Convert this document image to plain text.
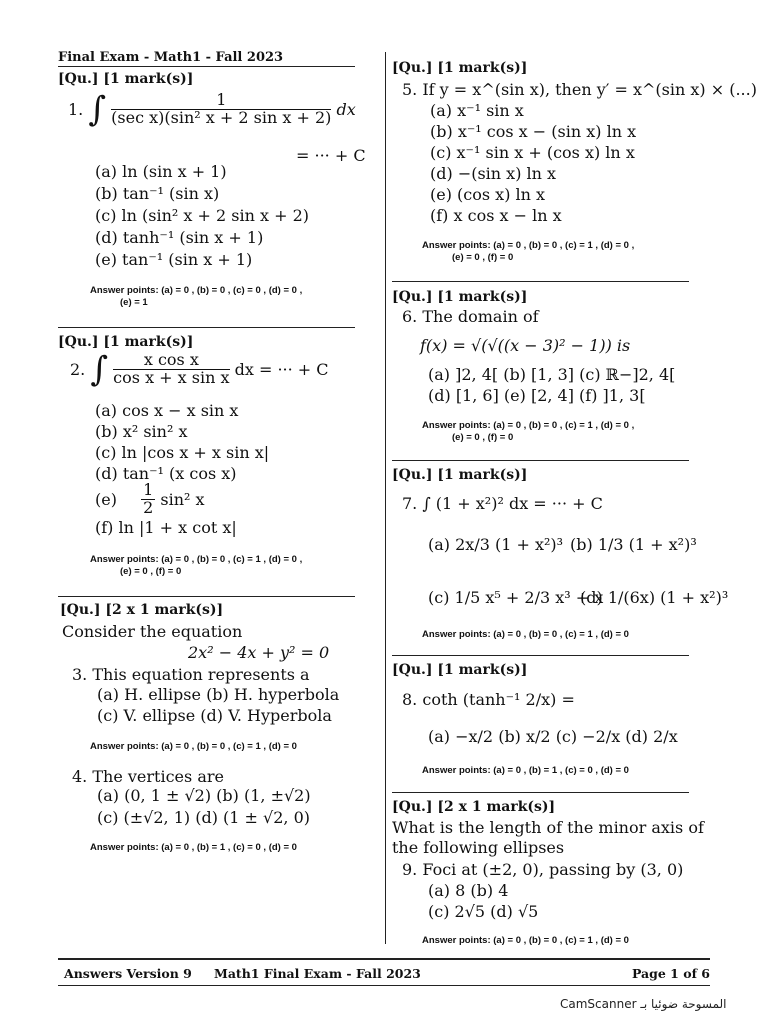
Final Exam - Math1 - Fall 2023
[Qu.] [1 mark(s)]
1. ∫ $\frac{1}{\text{(sec x)(sin² x + 2 sin x + 2)}}$ dx
= ··· + C
(a) ln (sin x + 1)
(b) tan⁻¹ (sin x)
(c) ln (sin² x + 2 sin x + 2)
(d) tanh⁻¹ (sin x + 1)
(e) tan⁻¹ (sin x + 1)
Answer points: (a) = 0 , (b) = 0 , (c) = 0 , (d) = 0 ,
(e) = 1
[Qu.] [1 mark(s)]
2. ∫ $\frac{\text{x cos x}}{\text{cos x + x sin x}}$ dx = ··· + C
(a) cos x − x sin x
(b) x² sin² x
(c) ln |cos x + x sin x|
(d) tan⁻¹ (x cos x)
$(e) \frac{1}{2} \sin^2$ x
(f) ln |1 + x cot x|
Answer points: (a) = 0 , (b) = 0 , (c) = 1 , (d) = 0 ,
(e) = 0 , (f) = 0
[Qu.] [2 x 1 mark(s)]
Consider the equation
2x² − 4x + y² = 0
3. This equation represents a
(a) H. ellipse (b) H. hyperbola
(c) V. ellipse (d) V. Hyperbola
Answer points: (a) = 0 , (b) = 0 , (c) = 1 , (d) = 0
4. The vertices are
(a) (0, 1 ± √2) (b) (1, ±√2)
(c) (±√2, 1) (d) (1 ± √2, 0)
Answer points: (a) = 0 , (b) = 1 , (c) = 0 , (d) = 0
[Qu.] [1 mark(s)]
5. If y = x^(sin x), then y′ = x^(sin x) × (...)
(a) x⁻¹ sin x
(b) x⁻¹ cos x − (sin x) ln x
(c) x⁻¹ sin x + (cos x) ln x
(d) −(sin x) ln x
(e) (cos x) ln x
(f) x cos x − ln x
Answer points: (a) = 0 , (b) = 0 , (c) = 1 , (d) = 0 ,
(e) = 0 , (f) = 0
[Qu.] [1 mark(s)]
6. The domain of
f(x) = √(√((x − 3)² − 1)) is
(a) ]2, 4[ (b) [1, 3] (c) ℝ−]2, 4[
(d) [1, 6] (e) [2, 4] (f) ]1, 3[
Answer points: (a) = 0 , (b) = 0 , (c) = 1 , (d) = 0 ,
(e) = 0 , (f) = 0
[Qu.] [1 mark(s)]
7. ∫ (1 + x²)² dx = ··· + C
(a) 2x/3 (1 + x²)³ (b) 1/3 (1 + x²)³
(c) 1/5 x⁵ + 2/3 x³ + x
(d) 1/(6x) (1 + x²)³
Answer points: (a) = 0 , (b) = 0 , (c) = 1 , (d) = 0
[Qu.] [1 mark(s)]
8. coth (tanh⁻¹ 2/x) =
(a) −x/2 (b) x/2 (c) −2/x (d) 2/x
Answer points: (a) = 0 , (b) = 1 , (c) = 0 , (d) = 0
[Qu.] [2 x 1 mark(s)]
What is the length of the minor axis of
the following ellipses
9. Foci at (±2, 0), passing by (3, 0)
(a) 8 (b) 4
(c) 2√5 (d) √5
Answer points: (a) = 0 , (b) = 0 , (c) = 1 , (d) = 0
Answers Version 9 Math1 Final Exam - Fall 2023	Page 1 of 6
CamScanner المسوحة ضوئيا بـ
